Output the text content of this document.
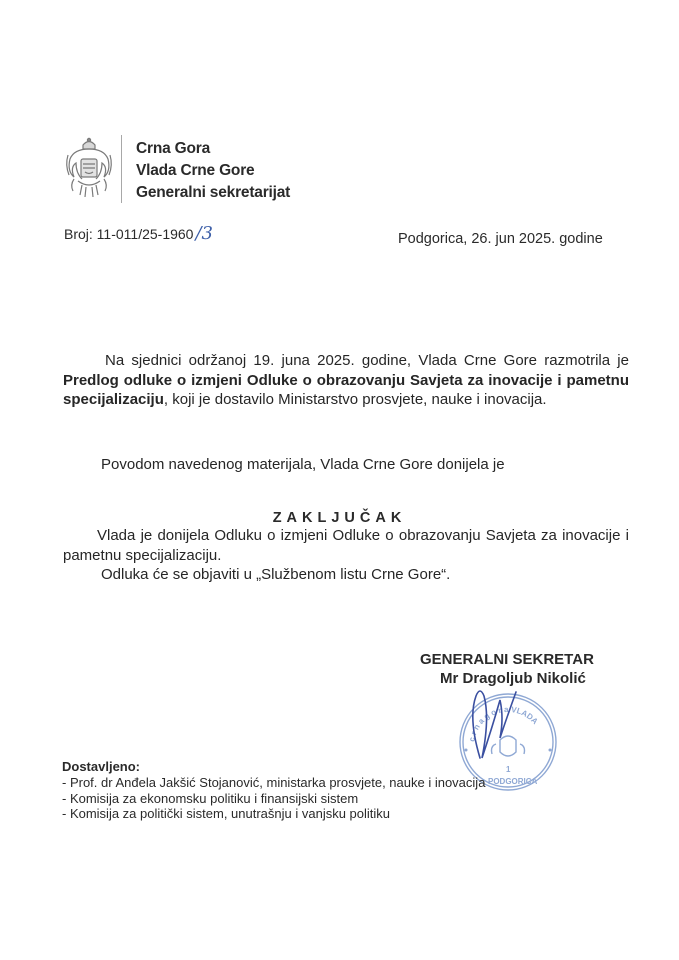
Crna Gora
Vlada Crne Gore
Generalni sekretarijat
Broj: 11-011/25-1960 /3	Podgorica, 26. jun 2025. godine
Na sjednici održanoj 19. juna 2025. godine, Vlada Crne Gore razmotrila je Predlog odluke o izmjeni Odluke o obrazovanju Savjeta za inovacije i pametnu specijalizaciju, koji je dostavilo Ministarstvo prosvjete, nauke i inovacija.
Povodom navedenog materijala, Vlada Crne Gore donijela je
ZAKLJUČAK
Vlada je donijela Odluku o izmjeni Odluke o obrazovanju Savjeta za inovacije i pametnu specijalizaciju.
Odluka će se objaviti u „Službenom listu Crne Gore“.
GENERALNI SEKRETAR
Mr Dragoljub Nikolić
c r n a g o r a VLADA
1
PODGORICA
Dostavljeno:
- Prof. dr Anđela Jakšić Stojanović, ministarka prosvjete, nauke i inovacija
- Komisija za ekonomsku politiku i finansijski sistem
- Komisija za politički sistem, unutrašnju i vanjsku politiku
